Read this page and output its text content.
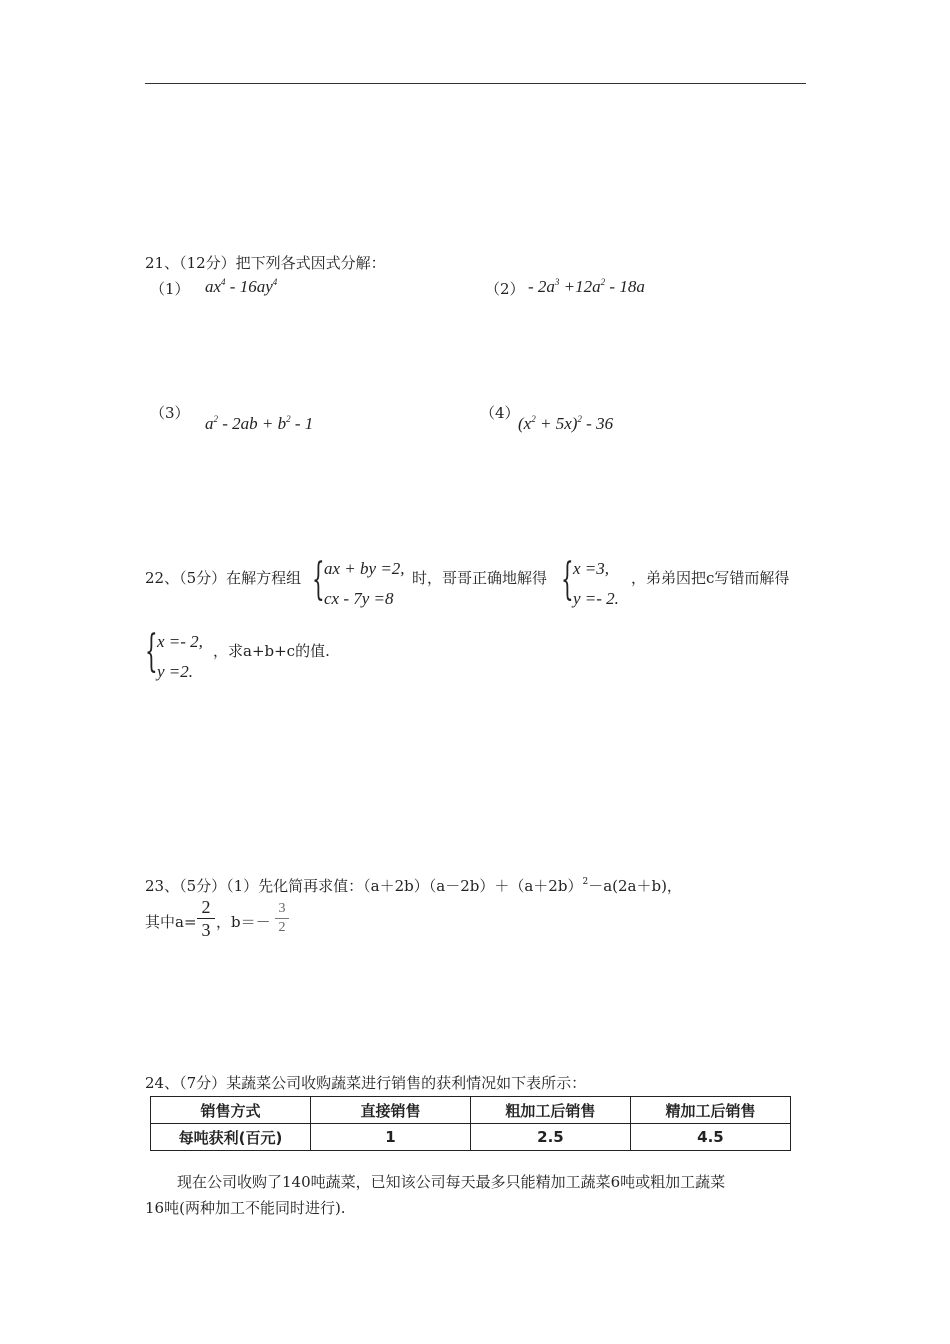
21、（12分）把下列各式因式分解：
（1） $ax^4 - 16ay^4$	$(2) - 2a^3 +12a^2 - 18a$
（3）
$a^2 - 2ab + b^2 - 1$
（4）
$(x^2 + 5x)^2 - 36$
22、（5分）在解方程组 { ax + by =2,
cx - 7y =8
时，哥哥正确地解得 { x =3,
y =- 2.
，弟弟因把c写错而解得
{ x =- 2,
y =2.
，求a+b+c的值.
23、（5分）（1）先化简再求值：$(a+2b)(a-2b)+(a+2b)^2-a(2a+b)$，
其中a=
2
3 ，b＝－
3
2
24、（7分）某蔬菜公司收购蔬菜进行销售的获利情况如下表所示：
销售方式	直接销售	粗加工后销售	精加工后销售
每吨获利(百元)	1	2.5	4.5
现在公司收购了140吨蔬菜，已知该公司每天最多只能精加工蔬菜6吨或粗加工蔬菜
16吨(两种加工不能同时进行).
